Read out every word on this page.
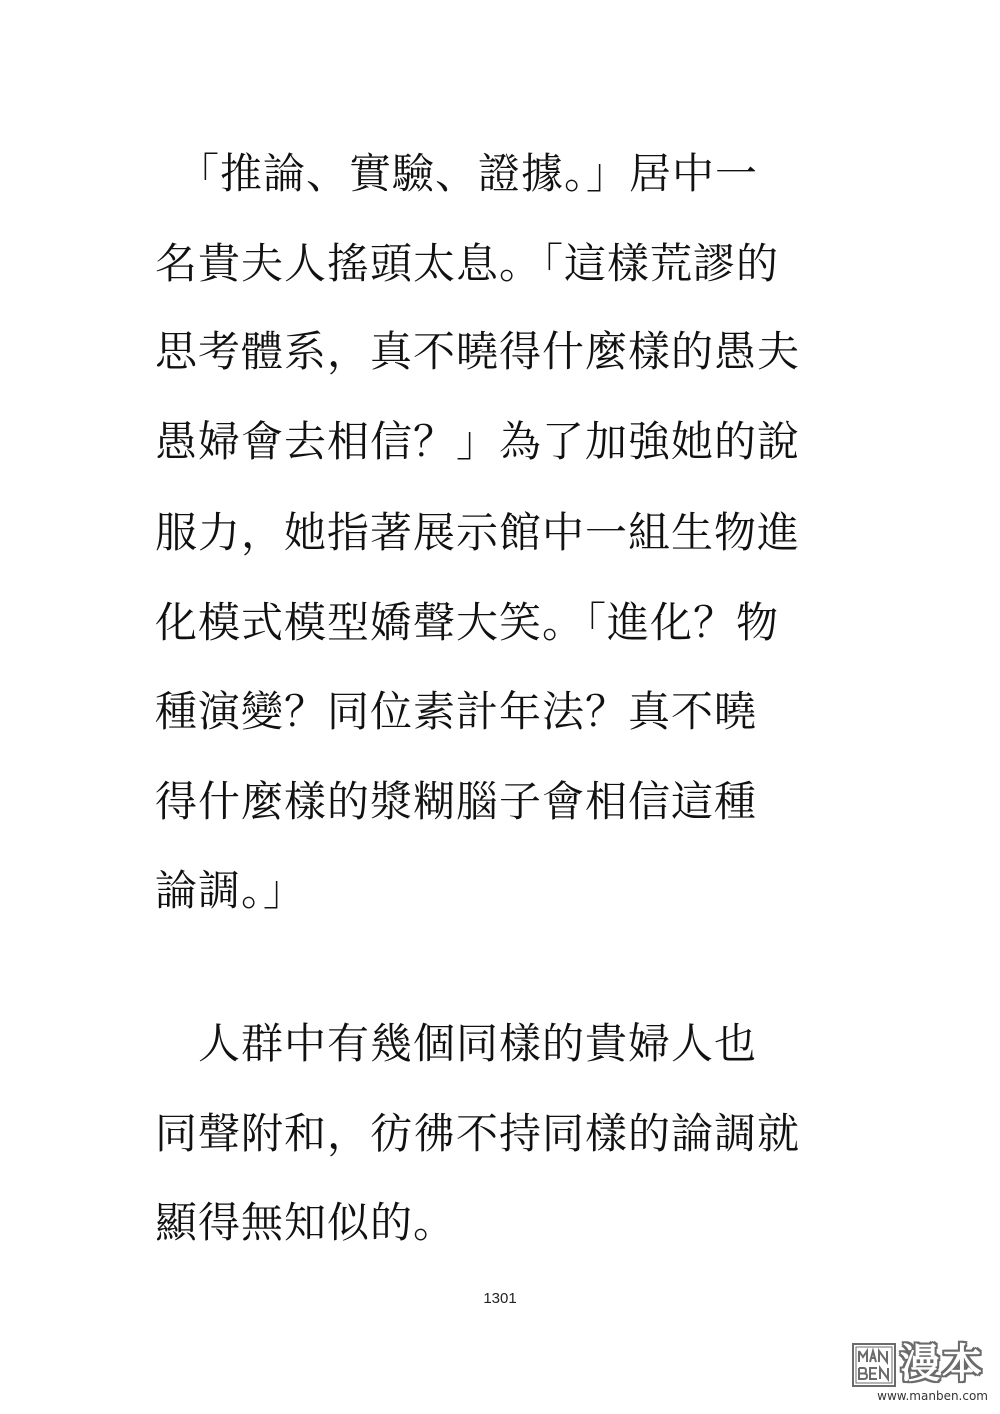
　「推論、實驗、證據。」居中一
名貴夫人搖頭太息。「這樣荒謬的
思考體系，真不曉得什麼樣的愚夫
愚婦會去相信？」為了加強她的說
服力，她指著展示館中一組生物進
化模式模型嬌聲大笑。「進化？物
種演變？同位素計年法？真不曉
得什麼樣的漿糊腦子會相信這種
論調。」
　人群中有幾個同樣的貴婦人也
同聲附和，彷彿不持同樣的論調就
顯得無知似的。
1301
漫本
www.manben.com
